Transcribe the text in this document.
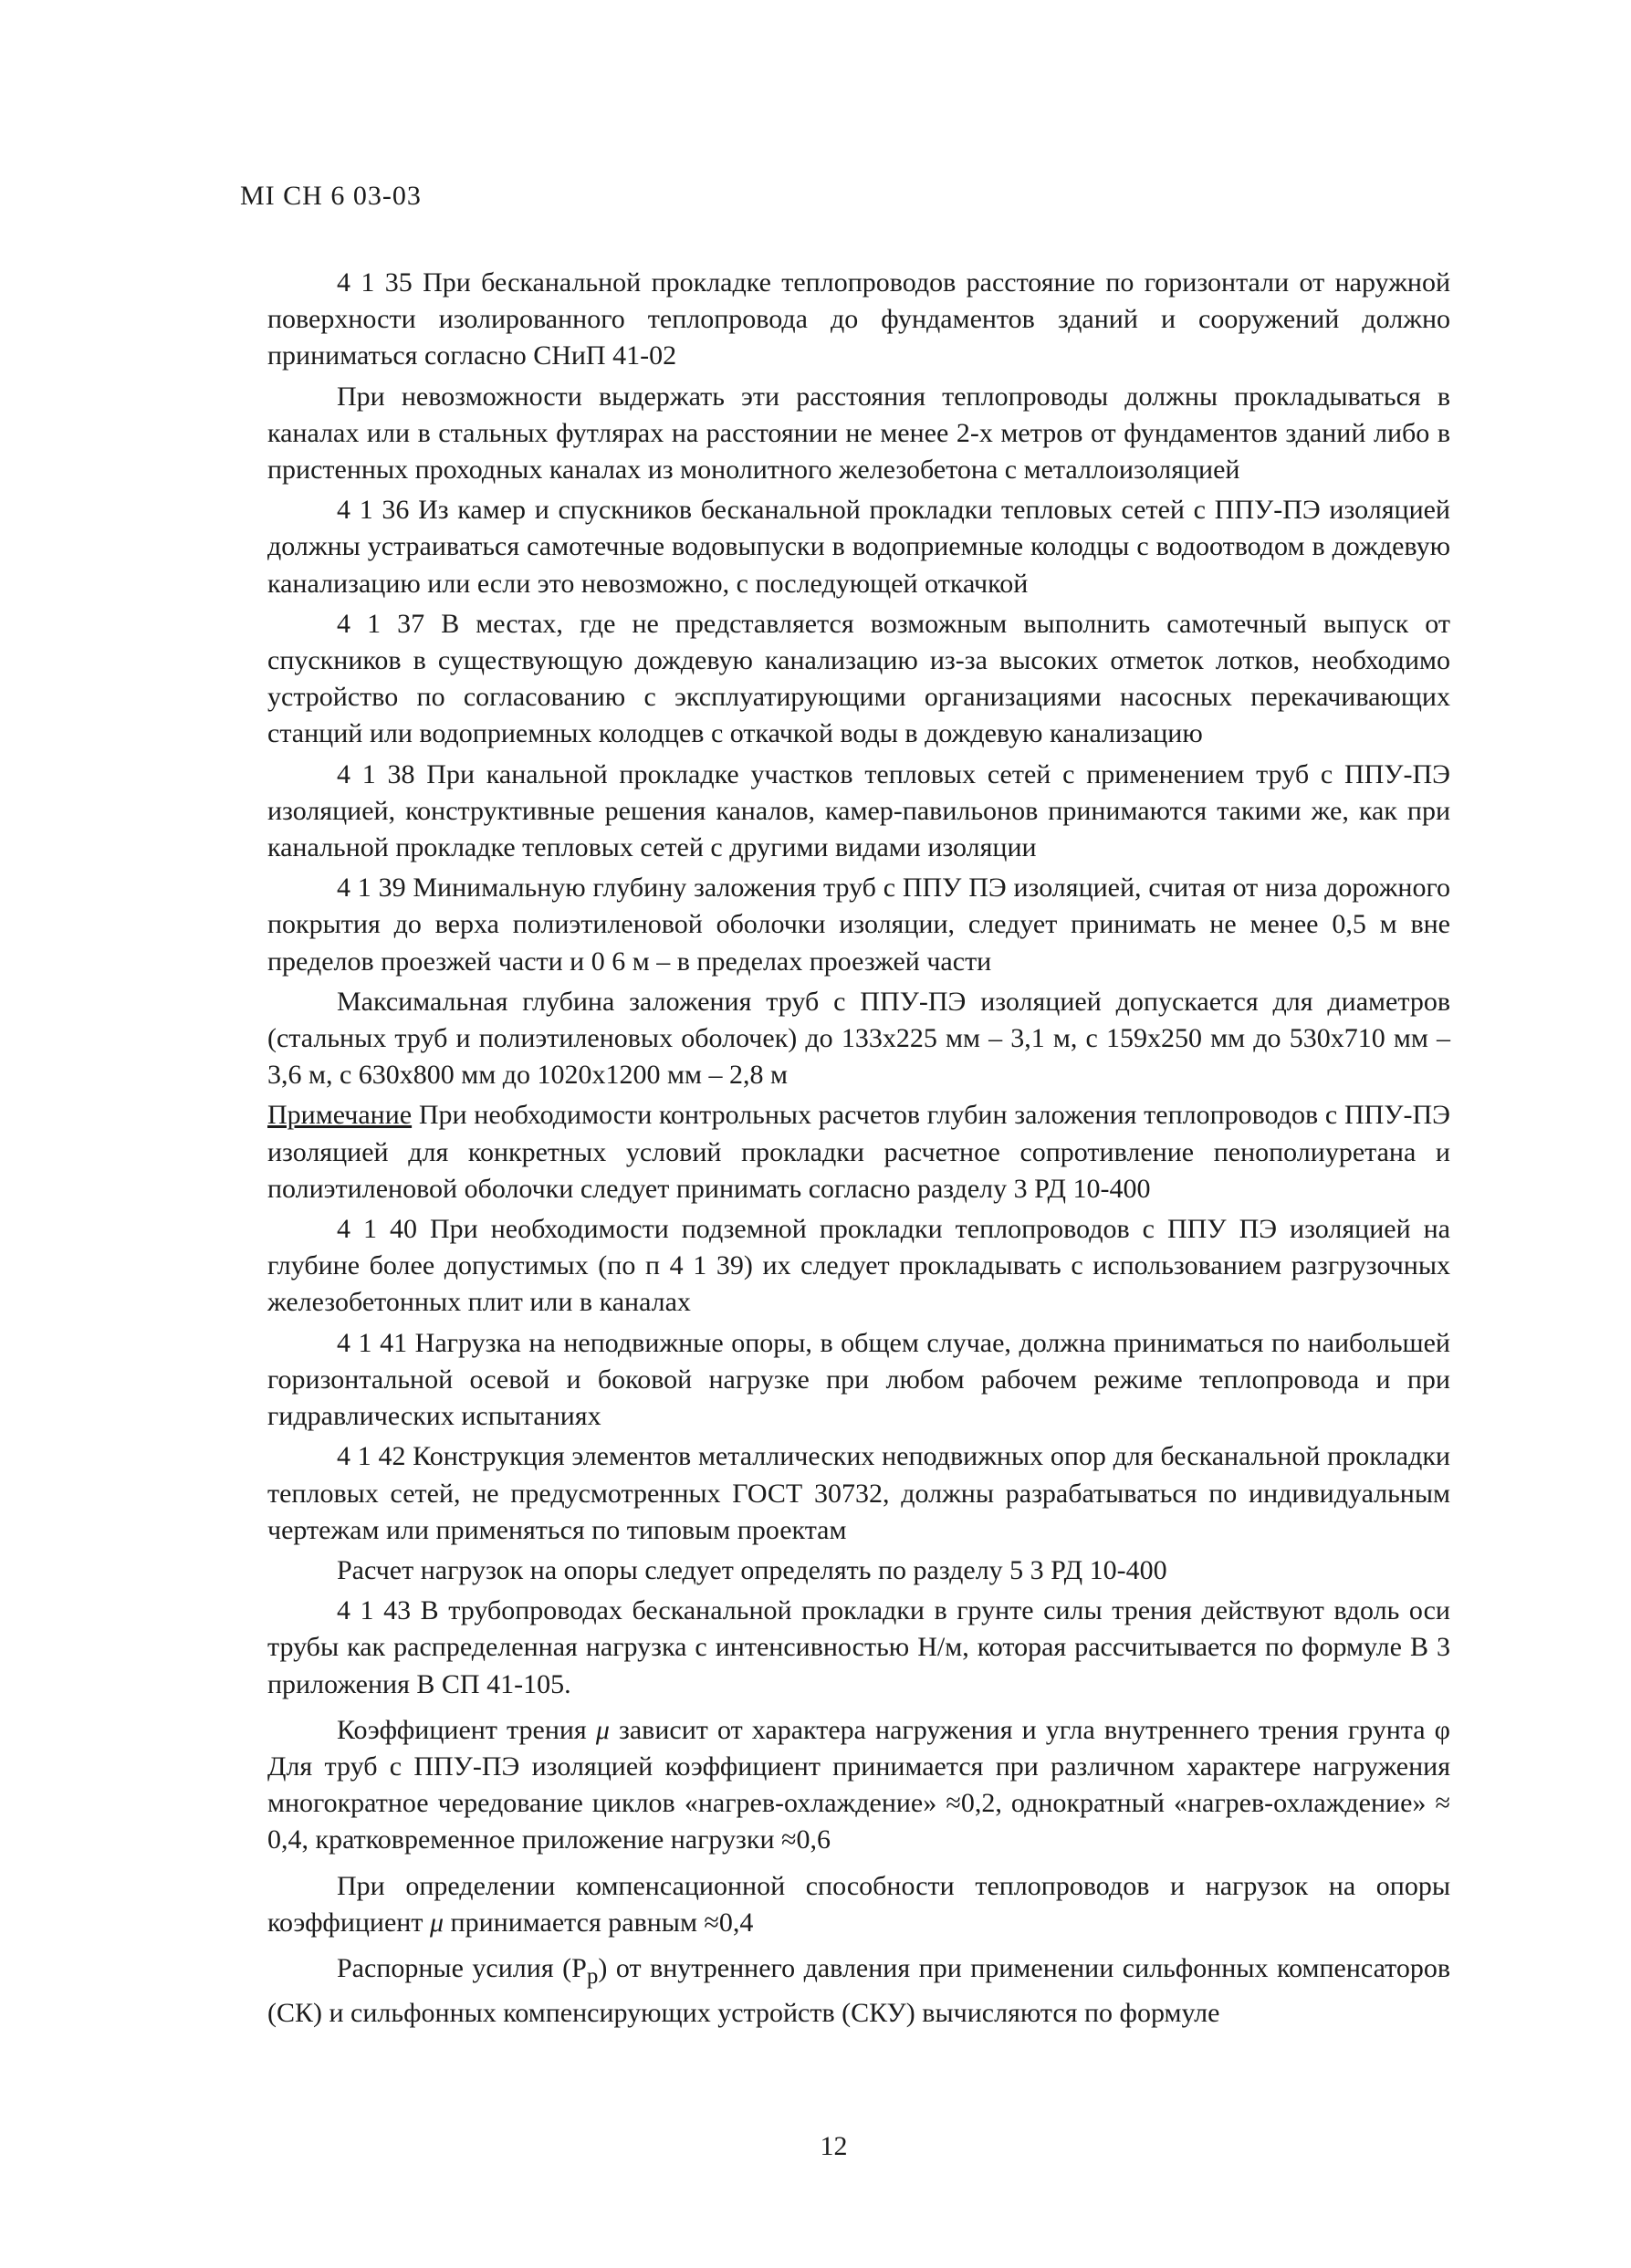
МI СН 6 03-03

4 1 35 При бесканальной прокладке теплопроводов расстояние по горизонтали от наружной поверхности изолированного теплопровода до фундаментов зданий и сооружений должно приниматься согласно СНиП 41-02

При невозможности выдержать эти расстояния теплопроводы должны прокладываться в каналах или в стальных футлярах на расстоянии не менее 2-х метров от фундаментов зданий либо в пристенных проходных каналах из монолитного железобетона с металлоизоляцией

4 1 36 Из камер и спускников бесканальной прокладки тепловых сетей с ППУ-ПЭ изоляцией должны устраиваться самотечные водовыпуски в водоприемные колодцы с водоотводом в дождевую канализацию или если это невозможно, с последующей откачкой

4 1 37 В местах, где не представляется возможным выполнить самотечный выпуск от спускников в существующую дождевую канализацию из-за высоких отметок лотков, необходимо устройство по согласованию с эксплуатирующими организациями насосных перекачивающих станций или водоприемных колодцев с откачкой воды в дождевую канализацию

4 1 38 При канальной прокладке участков тепловых сетей с применением труб с ППУ-ПЭ изоляцией, конструктивные решения каналов, камер-павильонов принимаются такими же, как при канальной прокладке тепловых сетей с другими видами изоляции

4 1 39 Минимальную глубину заложения труб с ППУ ПЭ изоляцией, считая от низа дорожного покрытия до верха полиэтиленовой оболочки изоляции, следует принимать не менее 0,5 м вне пределов проезжей части и 0 6 м – в пределах проезжей части

Максимальная глубина заложения труб с ППУ-ПЭ изоляцией допускается для диаметров (стальных труб и полиэтиленовых оболочек) до 133х225 мм – 3,1 м, с 159х250 мм до 530х710 мм – 3,6 м, с 630х800 мм до 1020х1200 мм – 2,8 м

Примечание При необходимости контрольных расчетов глубин заложения теплопроводов с ППУ-ПЭ изоляцией для конкретных условий прокладки расчетное сопротивление пенополиуретана и полиэтиленовой оболочки следует принимать согласно разделу 3 РД 10-400

4 1 40 При необходимости подземной прокладки теплопроводов с ППУ ПЭ изоляцией на глубине более допустимых (по п 4 1 39) их следует прокладывать с использованием разгрузочных железобетонных плит или в каналах

4 1 41 Нагрузка на неподвижные опоры, в общем случае, должна приниматься по наибольшей горизонтальной осевой и боковой нагрузке при любом рабочем режиме теплопровода и при гидравлических испытаниях

4 1 42 Конструкция элементов металлических неподвижных опор для бесканальной прокладки тепловых сетей, не предусмотренных ГОСТ 30732, должны разрабатываться по индивидуальным чертежам или применяться по типовым проектам

Расчет нагрузок на опоры следует определять по разделу 5 3 РД 10-400

4 1 43 В трубопроводах бесканальной прокладки в грунте силы трения действуют вдоль оси трубы как распределенная нагрузка с интенсивностью Н/м, которая рассчитывается по формуле В 3 приложения В СП 41-105.

Коэффициент трения μ зависит от характера нагружения и угла внутреннего трения грунта φ Для труб с ППУ-ПЭ изоляцией коэффициент принимается при различном характере нагружения многократное чередование циклов «нагрев-охлаждение» ≈0,2, однократный «нагрев-охлаждение» ≈ 0,4, кратковременное приложение нагрузки ≈0,6

При определении компенсационной способности теплопроводов и нагрузок на опоры коэффициент μ принимается равным ≈0,4

Распорные усилия $(P_р)$ от внутреннего давления при применении сильфонных компенсаторов (СК) и сильфонных компенсирующих устройств (СКУ) вычисляются по формуле

12
